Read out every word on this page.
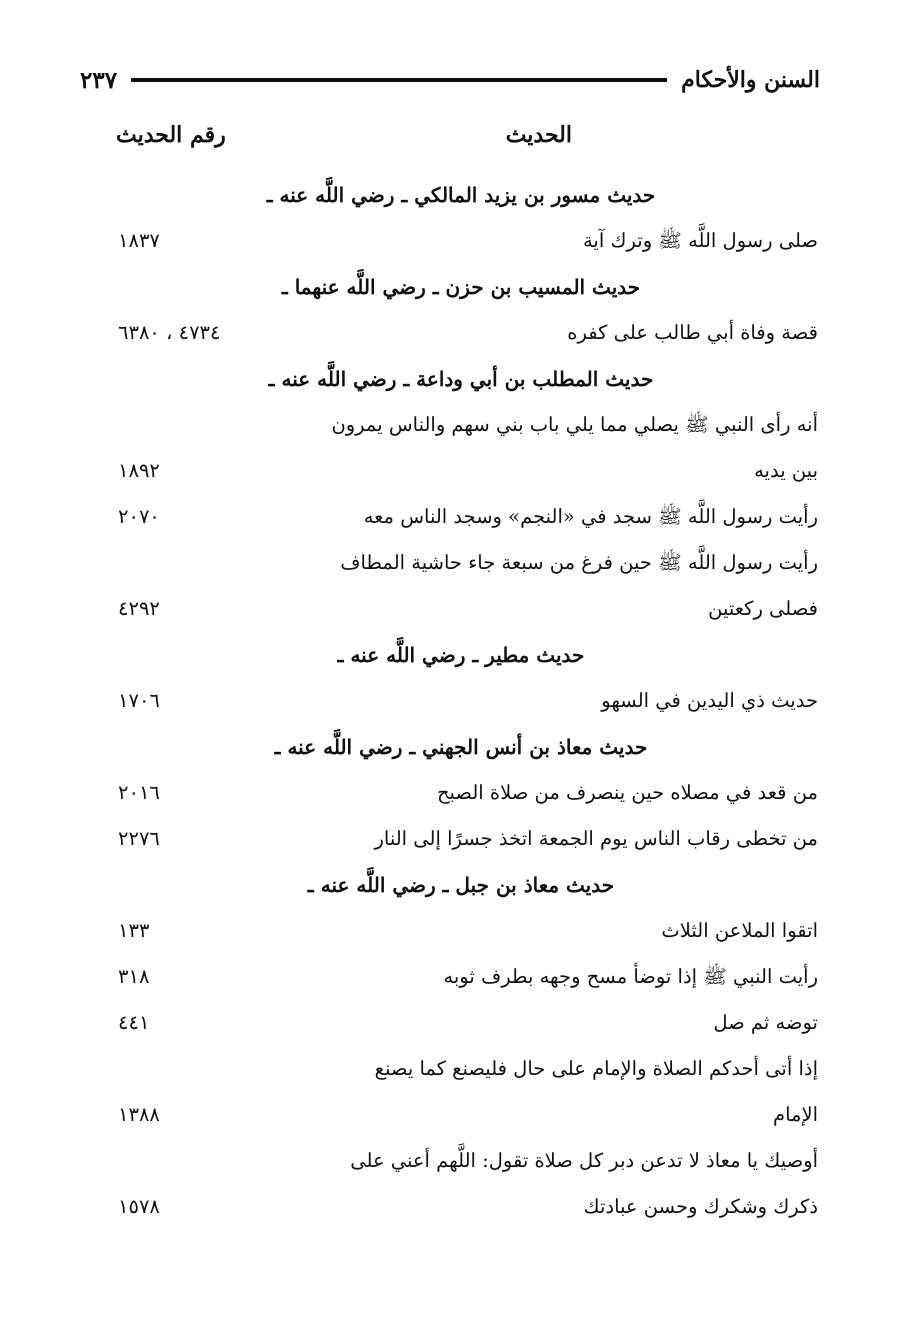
السنن والأحكام
٢٣٧
الحديث
رقم الحديث
حديث مسور بن يزيد المالكي ـ رضي اللَّه عنه ـ
صلى رسول اللَّه ﷺ وترك آية
١٨٣٧
حديث المسيب بن حزن ـ رضي اللَّه عنهما ـ
قصة وفاة أبي طالب على كفره
٤٧٣٤ ، ٦٣٨٠
حديث المطلب بن أبي وداعة ـ رضي اللَّه عنه ـ
أنه رأى النبي ﷺ يصلي مما يلي باب بني سهم والناس يمرون
بين يديه
١٨٩٢
رأيت رسول اللَّه ﷺ سجد في «النجم» وسجد الناس معه
٢٠٧٠
رأيت رسول اللَّه ﷺ حين فرغ من سبعة جاء حاشية المطاف
فصلى ركعتين
٤٢٩٢
حديث مطير ـ رضي اللَّه عنه ـ
حديث ذي اليدين في السهو
١٧٠٦
حديث معاذ بن أنس الجهني ـ رضي اللَّه عنه ـ
من قعد في مصلاه حين ينصرف من صلاة الصبح
٢٠١٦
من تخطى رقاب الناس يوم الجمعة اتخذ جسرًا إلى النار
٢٢٧٦
حديث معاذ بن جبل ـ رضي اللَّه عنه ـ
اتقوا الملاعن الثلاث
١٣٣
رأيت النبي ﷺ إذا توضأ مسح وجهه بطرف ثوبه
٣١٨
توضه ثم صل
٤٤١
إذا أتى أحدكم الصلاة والإمام على حال فليصنع كما يصنع
الإمام
١٣٨٨
أوصيك يا معاذ لا تدعن دبر كل صلاة تقول: اللَّهم أعني على
ذكرك وشكرك وحسن عبادتك
١٥٧٨
